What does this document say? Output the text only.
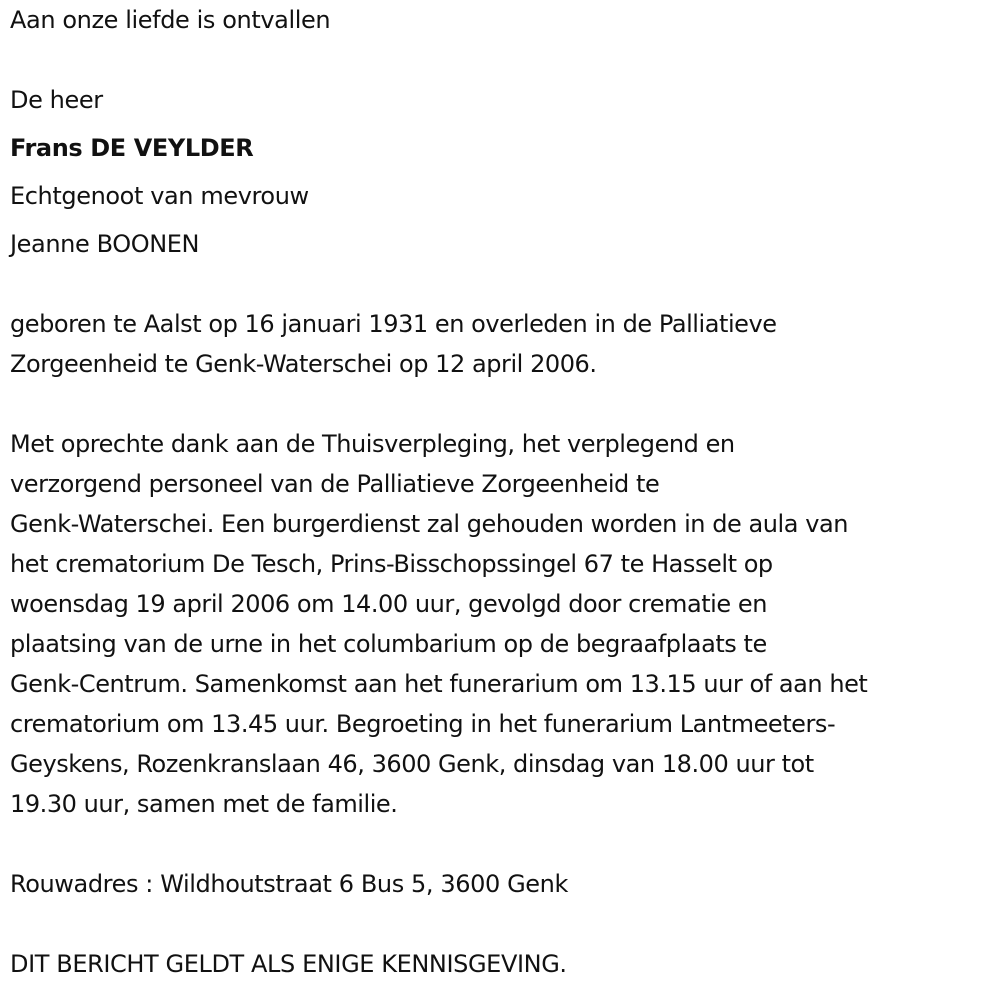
Aan onze liefde is ontvallen
De heer
Frans DE VEYLDER
Echtgenoot van mevrouw
Jeanne BOONEN
geboren te Aalst op 16 januari 1931 en overleden in de Palliatieve
Zorgeenheid te Genk-Waterschei op 12 april 2006.
Met oprechte dank aan de Thuisverpleging, het verplegend en
verzorgend personeel van de Palliatieve Zorgeenheid te
Genk-Waterschei. Een burgerdienst zal gehouden worden in de aula van
het crematorium De Tesch, Prins-Bisschopssingel 67 te Hasselt op
woensdag 19 april 2006 om 14.00 uur, gevolgd door crematie en
plaatsing van de urne in het columbarium op de begraafplaats te
Genk-Centrum. Samenkomst aan het funerarium om 13.15 uur of aan het
crematorium om 13.45 uur. Begroeting in het funerarium Lantmeeters-
Geyskens, Rozenkranslaan 46, 3600 Genk, dinsdag van 18.00 uur tot
19.30 uur, samen met de familie.
Rouwadres : Wildhoutstraat 6 Bus 5, 3600 Genk
DIT BERICHT GELDT ALS ENIGE KENNISGEVING.
